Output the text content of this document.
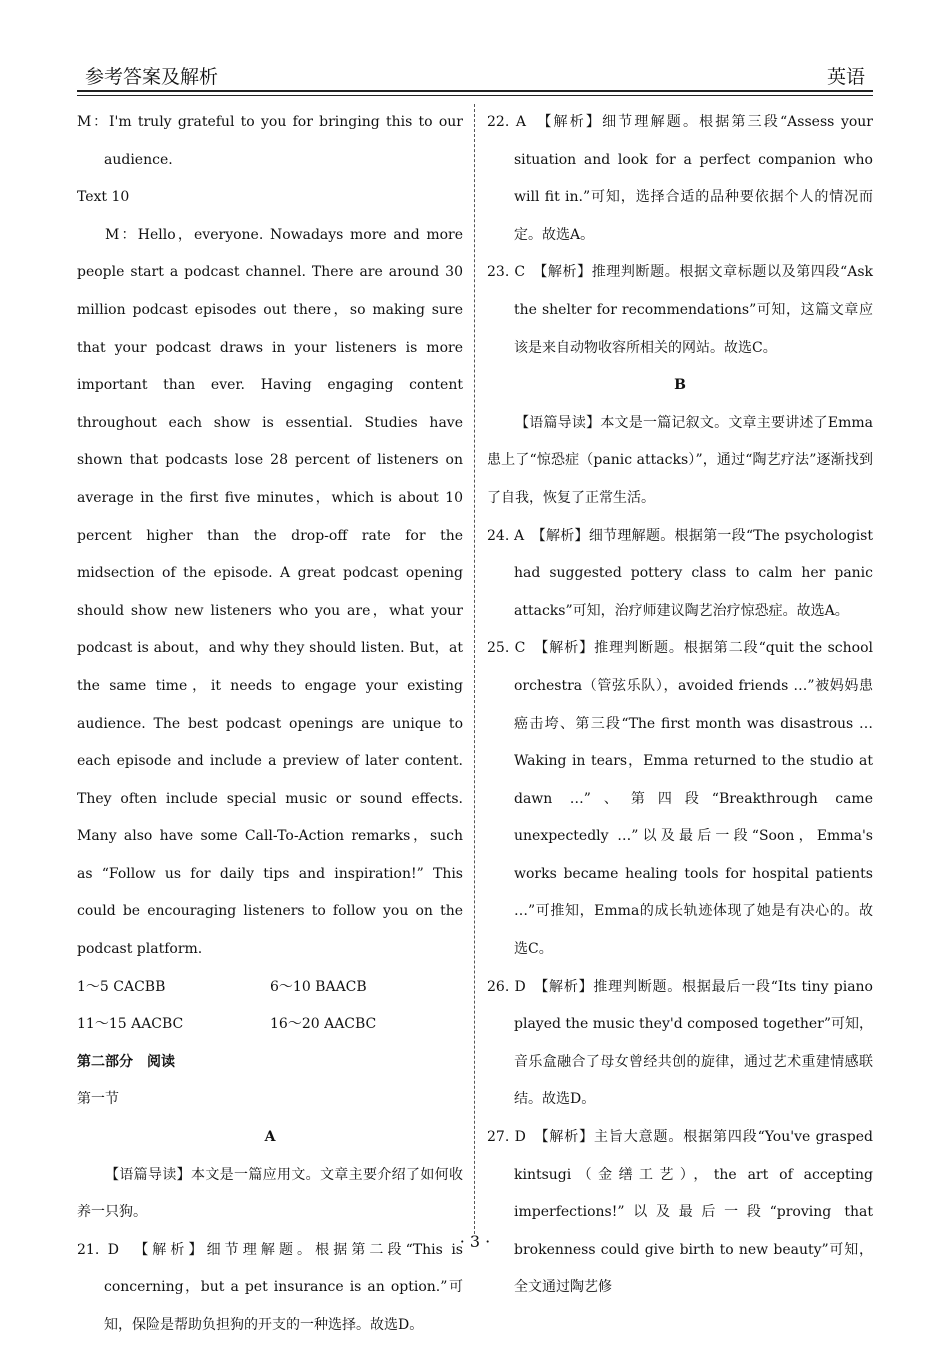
参考答案及解析	英语

M：I'm truly grateful to you for bringing this to our audience.

Text 10

M：Hello，everyone. Nowadays more and more people start a podcast channel. There are around 30 million podcast episodes out there，so making sure that your podcast draws in your listeners is more important than ever. Having engaging content throughout each show is essential. Studies have shown that podcasts lose 28 percent of listeners on average in the first five minutes，which is about 10 percent higher than the drop-off rate for the midsection of the episode. A great podcast opening should show new listeners who you are，what your podcast is about，and why they should listen. But，at the same time，it needs to engage your existing audience. The best podcast openings are unique to each episode and include a preview of later content. They often include special music or sound effects. Many also have some Call-To-Action remarks，such as “Follow us for daily tips and inspiration!” This could be encouraging listeners to follow you on the podcast platform.

1～5 CACBB	6～10 BAACB
11～15 AACBC	16～20 AACBC

第二部分　阅读

第一节

A

【语篇导读】本文是一篇应用文。文章主要介绍了如何收养一只狗。

21. D　【解析】细节理解题。根据第二段“This is concerning，but a pet insurance is an option.”可知，保险是帮助负担狗的开支的一种选择。故选D。

22. A　【解析】细节理解题。根据第三段“Assess your situation and look for a perfect companion who will fit in.”可知，选择合适的品种要依据个人的情况而定。故选A。

23. C　【解析】推理判断题。根据文章标题以及第四段“Ask the shelter for recommendations”可知，这篇文章应该是来自动物收容所相关的网站。故选C。

B

【语篇导读】本文是一篇记叙文。文章主要讲述了Emma患上了“惊恐症（panic attacks）”，通过“陶艺疗法”逐渐找到了自我，恢复了正常生活。

24. A　【解析】细节理解题。根据第一段“The psychologist had suggested pottery class to calm her panic attacks”可知，治疗师建议陶艺治疗惊恐症。故选A。

25. C　【解析】推理判断题。根据第二段“quit the school orchestra（管弦乐队），avoided friends …”被妈妈患癌击垮、第三段“The first month was disastrous … Waking in tears，Emma returned to the studio at dawn …”、第四段“Breakthrough came unexpectedly …”以及最后一段“Soon，Emma's works became healing tools for hospital patients …”可推知，Emma的成长轨迹体现了她是有决心的。故选C。

26. D　【解析】推理判断题。根据最后一段“Its tiny piano played the music they'd composed together”可知，音乐盒融合了母女曾经共创的旋律，通过艺术重建情感联结。故选D。

27. D　【解析】主旨大意题。根据第四段“You've grasped kintsugi（金缮工艺），the art of accepting imperfections!”以及最后一段“proving that brokenness could give birth to new beauty”可知，全文通过陶艺修

· 3 ·
